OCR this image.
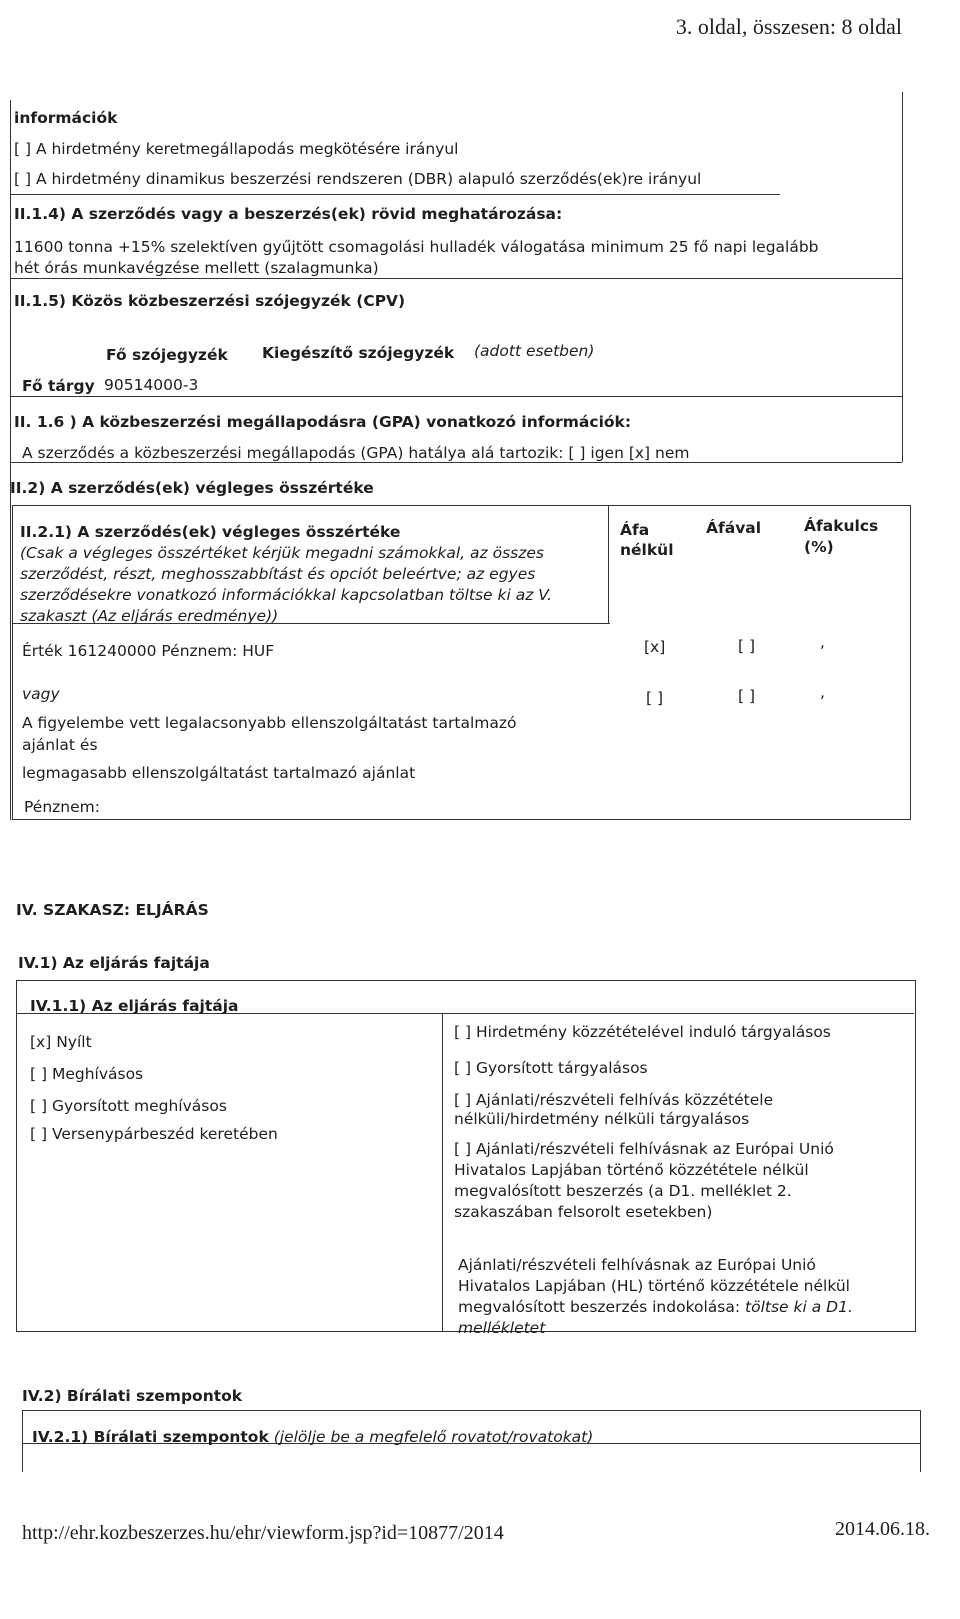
3. oldal, összesen: 8 oldal
információk
[ ] A hirdetmény keretmegállapodás megkötésére irányul
[ ] A hirdetmény dinamikus beszerzési rendszeren (DBR) alapuló szerződés(ek)re irányul
II.1.4) A szerződés vagy a beszerzés(ek) rövid meghatározása:
11600 tonna +15% szelektíven gyűjtött csomagolási hulladék válogatása minimum 25 fő napi legalább
hét órás munkavégzése mellett (szalagmunka)
II.1.5) Közös közbeszerzési szójegyzék (CPV)
Fő szójegyzék Kiegészítő szójegyzék (adott esetben)
Fő tárgy 90514000-3
II. 1.6 ) A közbeszerzési megállapodásra (GPA) vonatkozó információk:
A szerződés a közbeszerzési megállapodás (GPA) hatálya alá tartozik: [ ] igen [x] nem
II.2) A szerződés(ek) végleges összértéke
II.2.1) A szerződés(ek) végleges összértéke
(Csak a végleges összértéket kérjük megadni számokkal, az összes
szerződést, részt, meghosszabbítást és opciót beleértve; az egyes
szerződésekre vonatkozó információkkal kapcsolatban töltse ki az V.
szakaszt (Az eljárás eredménye))
Áfa
nélkül
Áfával	Áfakulcs
(%)
Érték 161240000 Pénznem: HUF	[x]	[ ]	,
vagy	[ ]	[ ]	,
A figyelembe vett legalacsonyabb ellenszolgáltatást tartalmazó
ajánlat és
legmagasabb ellenszolgáltatást tartalmazó ajánlat
Pénznem:
IV. SZAKASZ: ELJÁRÁS
IV.1) Az eljárás fajtája
IV.1.1) Az eljárás fajtája
[x] Nyílt
[ ] Meghívásos
[ ] Gyorsított meghívásos
[ ] Versenypárbeszéd keretében
[ ] Hirdetmény közzétételével induló tárgyalásos
[ ] Gyorsított tárgyalásos
[ ] Ajánlati/részvételi felhívás közzététele
nélküli/hirdetmény nélküli tárgyalásos
[ ] Ajánlati/részvételi felhívásnak az Európai Unió
Hivatalos Lapjában történő közzététele nélkül
megvalósított beszerzés (a D1. melléklet 2.
szakaszában felsorolt esetekben)
Ajánlati/részvételi felhívásnak az Európai Unió
Hivatalos Lapjában (HL) történő közzététele nélkül
megvalósított beszerzés indokolása: töltse ki a D1.
mellékletet
IV.2) Bírálati szempontok
IV.2.1) Bírálati szempontok (jelölje be a megfelelő rovatot/rovatokat)
http://ehr.kozbeszerzes.hu/ehr/viewform.jsp?id=10877/2014	2014.06.18.
